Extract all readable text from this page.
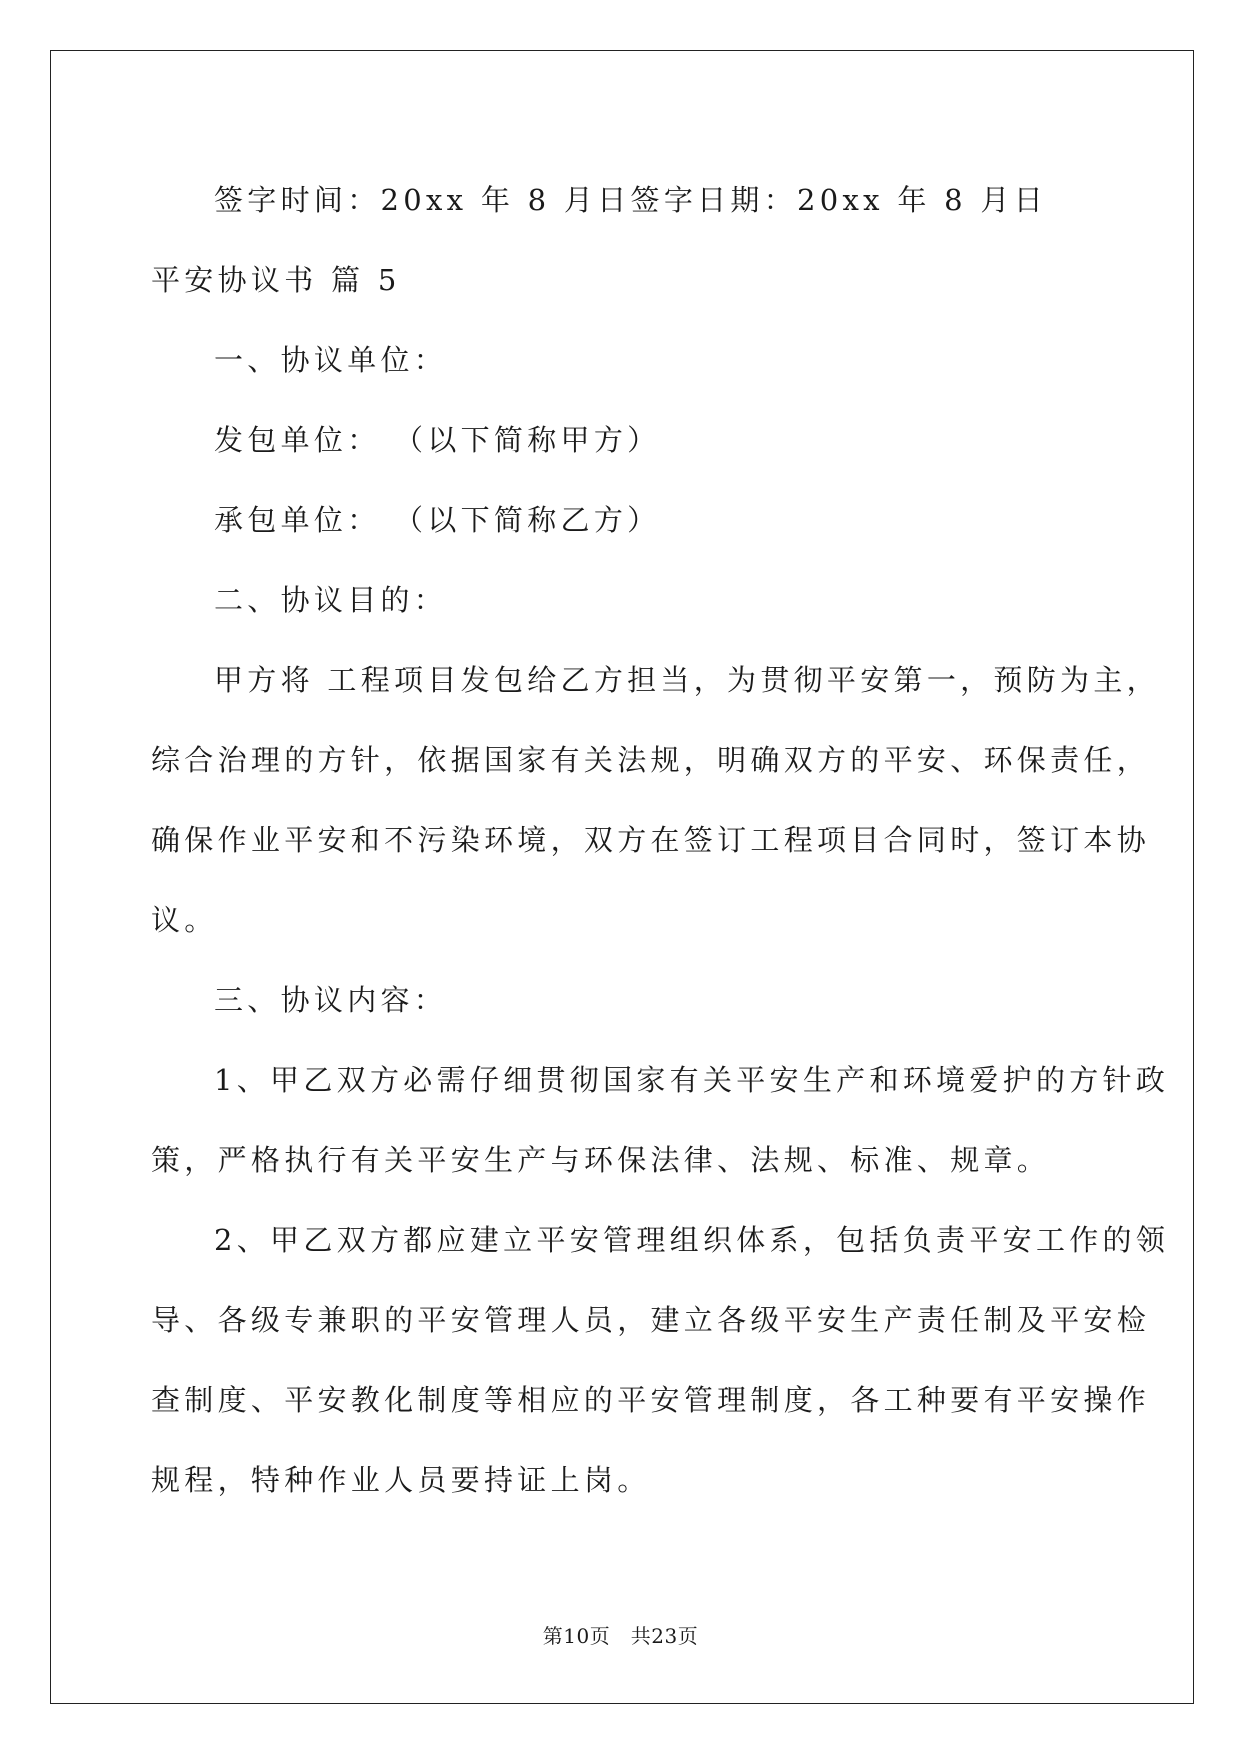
签字时间：20xx 年 8 月日签字日期：20xx 年 8 月日
平安协议书 篇 5
一、协议单位：
发包单位： （以下简称甲方）
承包单位： （以下简称乙方）
二、协议目的：
甲方将 工程项目发包给乙方担当，为贯彻平安第一，预防为主，
综合治理的方针，依据国家有关法规，明确双方的平安、环保责任，
确保作业平安和不污染环境，双方在签订工程项目合同时，签订本协
议。
三、协议内容：
1、甲乙双方必需仔细贯彻国家有关平安生产和环境爱护的方针政
策，严格执行有关平安生产与环保法律、法规、标准、规章。
2、甲乙双方都应建立平安管理组织体系，包括负责平安工作的领
导、各级专兼职的平安管理人员，建立各级平安生产责任制及平安检
查制度、平安教化制度等相应的平安管理制度，各工种要有平安操作
规程，特种作业人员要持证上岗。
第10页　共23页
